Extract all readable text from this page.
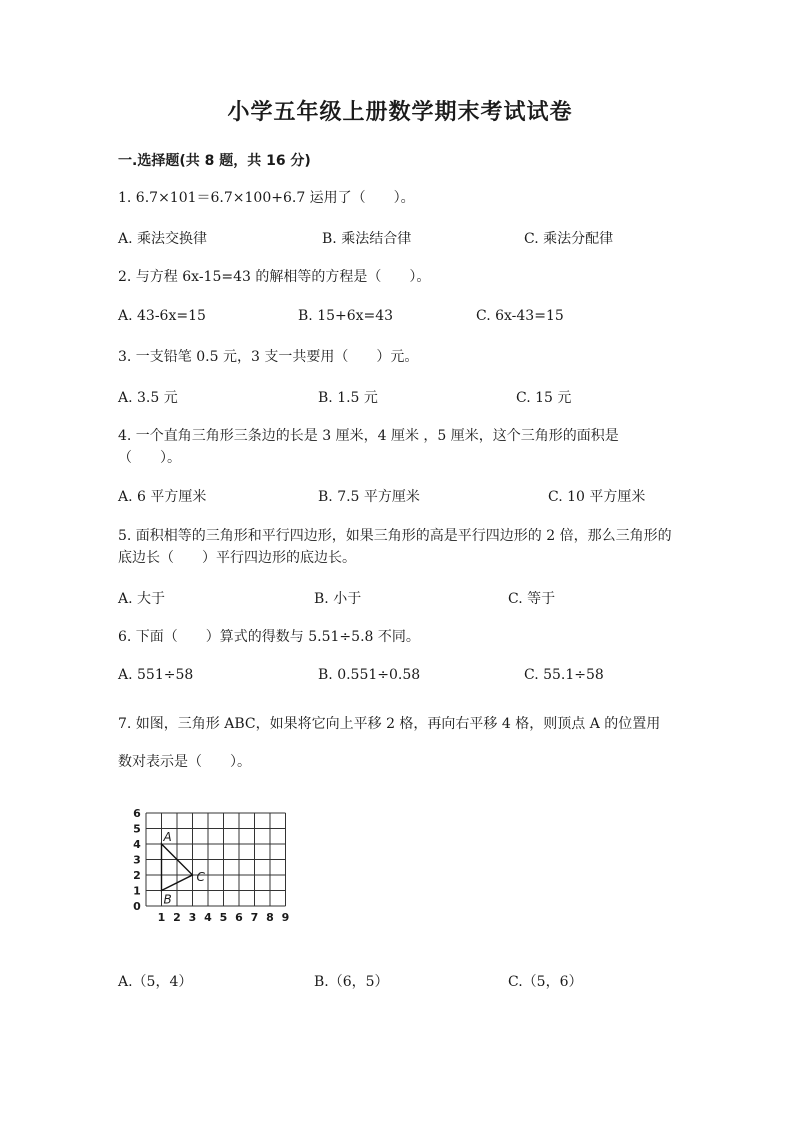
小学五年级上册数学期末考试试卷
一.选择题(共 8 题，共 16 分)
1. 6.7×101＝6.7×100+6.7 运用了（　　）。
A. 乘法交换律	B. 乘法结合律	C. 乘法分配律
2. 与方程 6x-15=43 的解相等的方程是（　　）。
A. 43-6x=15	B. 15+6x=43	C. 6x-43=15
3. 一支铅笔 0.5 元，3 支一共要用（　　）元。
A. 3.5 元	B. 1.5 元	C. 15 元
4. 一个直角三角形三条边的长是 3 厘米，4 厘米 ，5 厘米，这个三角形的面积是（　　）。
A. 6 平方厘米	B. 7.5 平方厘米	C. 10 平方厘米
5. 面积相等的三角形和平行四边形，如果三角形的高是平行四边形的 2 倍，那么三角形的底边长（　　）平行四边形的底边长。
A. 大于	B. 小于	C. 等于
6. 下面（　　）算式的得数与 5.51÷5.8 不同。
A. 551÷58	B. 0.551÷0.58	C. 55.1÷58
7. 如图，三角形 ABC，如果将它向上平移 2 格，再向右平移 4 格，则顶点 A 的位置用数对表示是（　　）。
0
1 2 3 4 5 6 7 8 9
1
2
3
4
5
6
A
B
C
A.（5，4）	B.（6，5）	C.（5，6）
